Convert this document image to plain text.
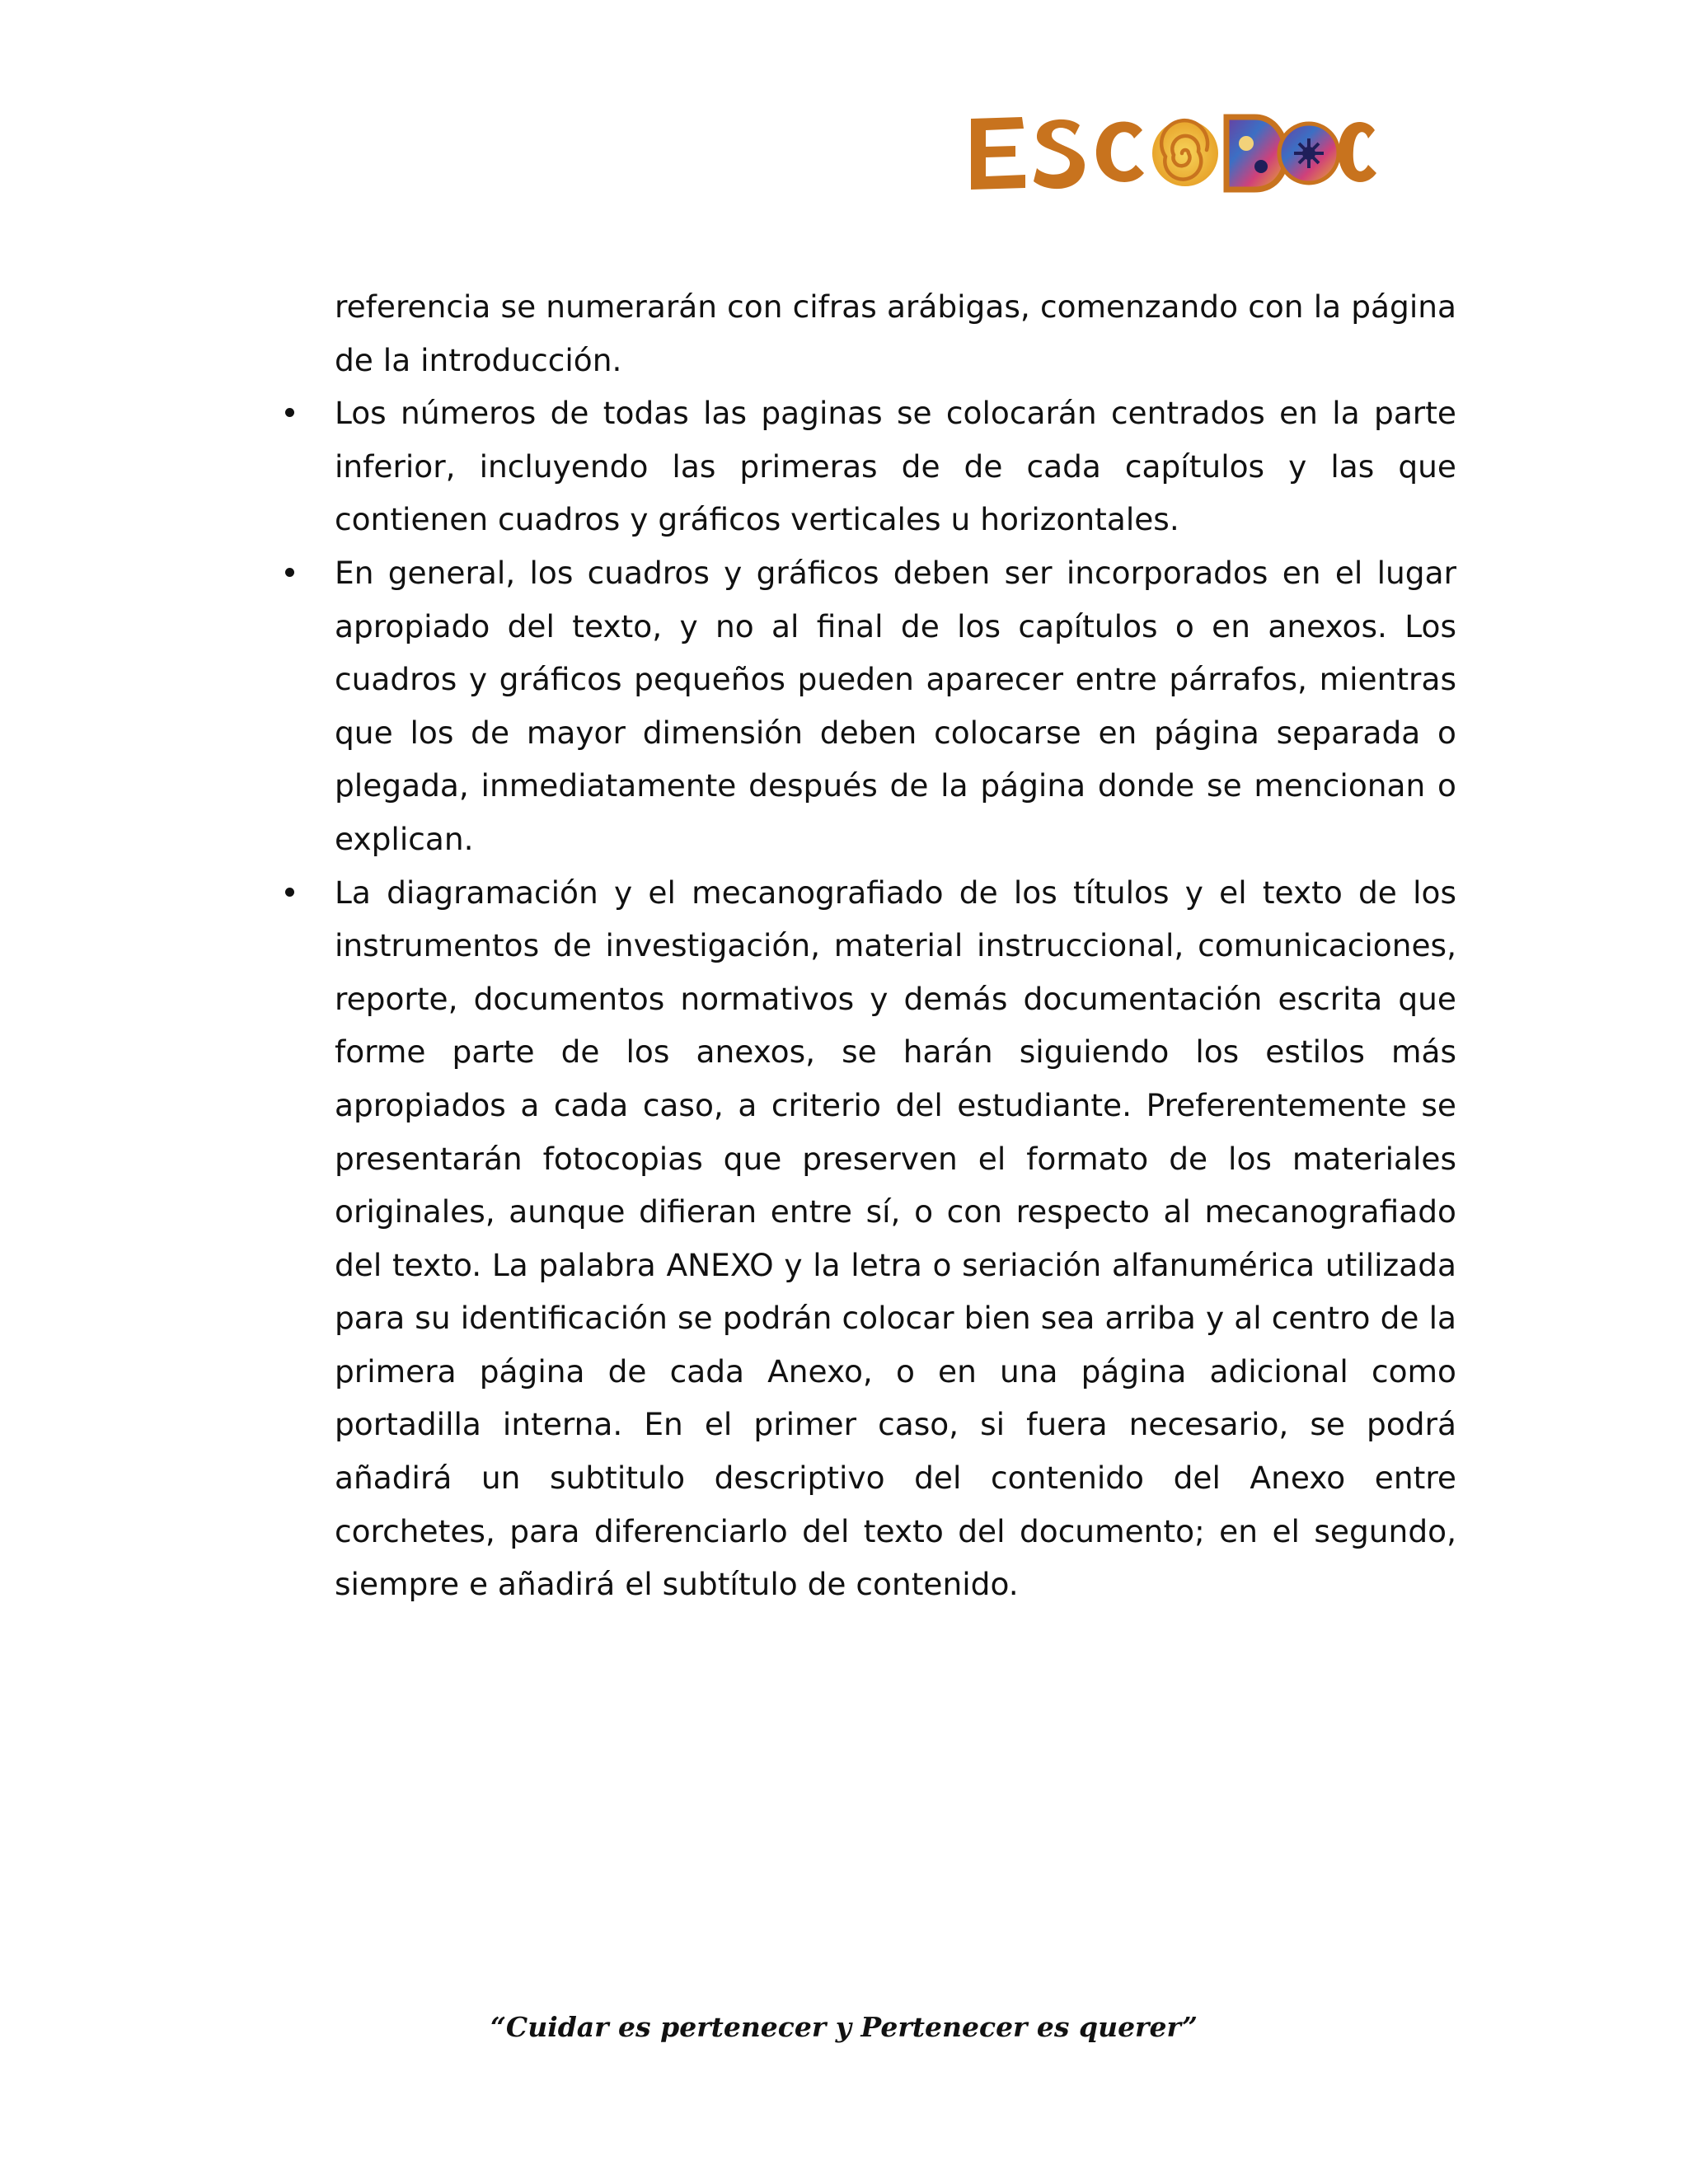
referencia se numerarán con cifras arábigas, comenzando con la página de la introducción.

Los números de todas las paginas se colocarán centrados en la parte inferior, incluyendo las primeras de de cada capítulos y las que contienen cuadros y gráficos verticales u horizontales.
En general, los cuadros y gráficos deben ser incorporados en el lugar apropiado del texto, y no al final de los capítulos o en anexos. Los cuadros y gráficos pequeños pueden aparecer entre párrafos, mientras que los de mayor dimensión deben colocarse en página separada o plegada, inmediatamente después de la página donde se mencionan o explican.
La diagramación y el mecanografiado de los títulos y el texto de los instrumentos de investigación, material instruccional, comunicaciones, reporte, documentos normativos y demás documentación escrita que forme parte de los anexos, se harán siguiendo los estilos más apropiados a cada caso, a criterio del estudiante. Preferentemente se presentarán fotocopias que preserven el formato de los materiales originales, aunque difieran entre sí, o con respecto al mecanografiado del texto. La palabra ANEXO y la letra o seriación alfanumérica utilizada para su identificación se podrán colocar bien sea arriba y al centro de la primera página de cada Anexo, o en una página adicional como portadilla interna. En el primer caso, si fuera necesario, se podrá añadirá un subtitulo descriptivo del contenido del Anexo entre corchetes, para diferenciarlo del texto del documento; en el segundo, siempre e añadirá el subtítulo de contenido.
“Cuidar es pertenecer y Pertenecer es querer”
